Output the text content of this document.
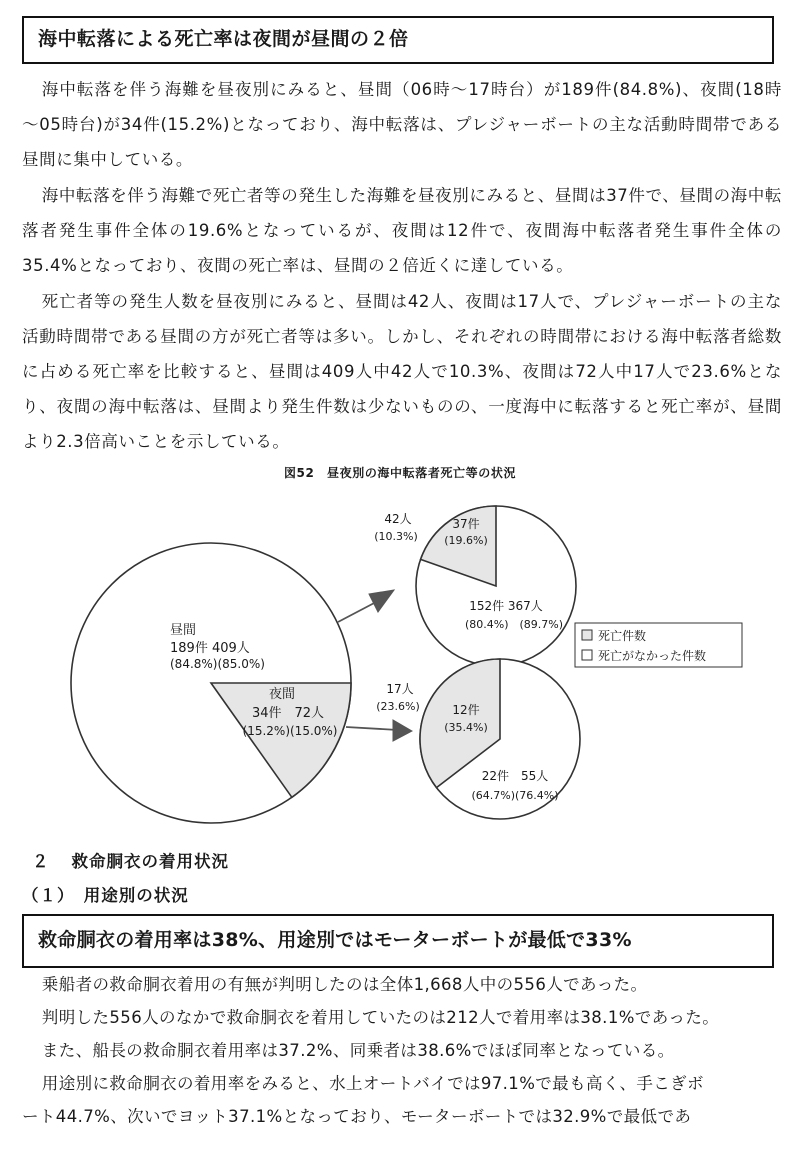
海中転落による死亡率は夜間が昼間の２倍

海中転落を伴う海難を昼夜別にみると、昼間（06時～17時台）が189件(84.8%)、夜間(18時～05時台)が34件(15.2%)となっており、海中転落は、プレジャーボートの主な活動時間帯である昼間に集中している。

海中転落を伴う海難で死亡者等の発生した海難を昼夜別にみると、昼間は37件で、昼間の海中転落者発生事件全体の19.6%となっているが、夜間は12件で、夜間海中転落者発生事件全体の35.4%となっており、夜間の死亡率は、昼間の２倍近くに達している。

死亡者等の発生人数を昼夜別にみると、昼間は42人、夜間は17人で、プレジャーボートの主な活動時間帯である昼間の方が死亡者等は多い。しかし、それぞれの時間帯における海中転落者総数に占める死亡率を比較すると、昼間は409人中42人で10.3%、夜間は72人中17人で23.6%となり、夜間の海中転落は、昼間より発生件数は少ないものの、一度海中に転落すると死亡率が、昼間より2.3倍高いことを示している。

図52　昼夜別の海中転落者死亡等の状況
昼間
189件 409人
(84.8%)(85.0%)
夜間
34件　72人
(15.2%)(15.0%)
37件
(19.6%)
152件 367人
(80.4%)　(89.7%)
42人
(10.3%)
12件
(35.4%)
22件　55人
(64.7%)(76.4%)
17人
(23.6%)
死亡件数
死亡がなかった件数
２ 救命胴衣の着用状況
（１）　 用途別の状況
救命胴衣の着用率は38%、用途別ではモーターボートが最低で33%
乗船者の救命胴衣着用の有無が判明したのは全体1,668人中の556人であった。
判明した556人のなかで救命胴衣を着用していたのは212人で着用率は38.1%であった。
また、船長の救命胴衣着用率は37.2%、同乗者は38.6%でほぼ同率となっている。
用途別に救命胴衣の着用率をみると、水上オートバイでは97.1%で最も高く、手こぎボ
ート44.7%、次いでヨット37.1%となっており、モーターボートでは32.9%で最低であ
